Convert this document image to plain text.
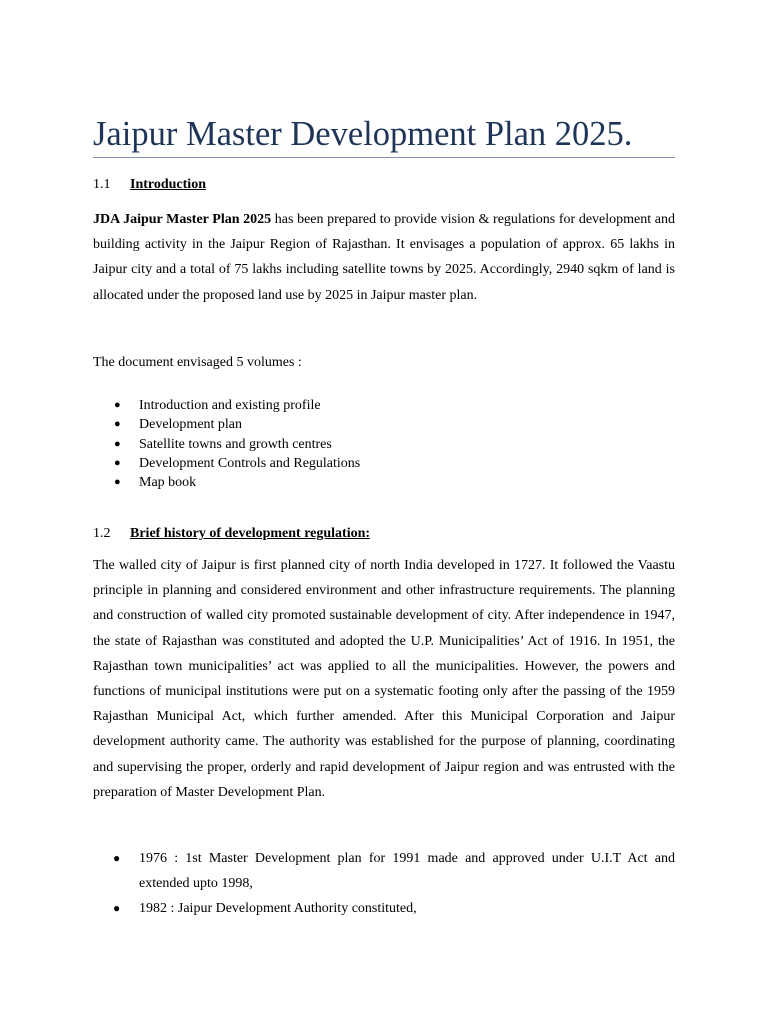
Jaipur Master Development Plan 2025.
1.1 Introduction

JDA Jaipur Master Plan 2025 has been prepared to provide vision & regulations for development and building activity in the Jaipur Region of Rajasthan. It envisages a population of approx. 65 lakhs in Jaipur city and a total of 75 lakhs including satellite towns by 2025. Accordingly, 2940 sqkm of land is allocated under the proposed land use by 2025 in Jaipur master plan.

The document envisaged 5 volumes :

● Introduction and existing profile
● Development plan
● Satellite towns and growth centres
● Development Controls and Regulations
● Map book
1.2 Brief history of development regulation:

The walled city of Jaipur is first planned city of north India developed in 1727. It followed the Vaastu principle in planning and considered environment and other infrastructure requirements. The planning and construction of walled city promoted sustainable development of city. After independence in 1947, the state of Rajasthan was constituted and adopted the U.P. Municipalities’ Act of 1916. In 1951, the Rajasthan town municipalities’ act was applied to all the municipalities. However, the powers and functions of municipal institutions were put on a systematic footing only after the passing of the 1959 Rajasthan Municipal Act, which further amended. After this Municipal Corporation and Jaipur development authority came. The authority was established for the purpose of planning, coordinating and supervising the proper, orderly and rapid development of Jaipur region and was entrusted with the preparation of Master Development Plan.

● 1976 : 1st Master Development plan for 1991 made and approved under U.I.T Act and extended upto 1998,
● 1982 : Jaipur Development Authority constituted,
